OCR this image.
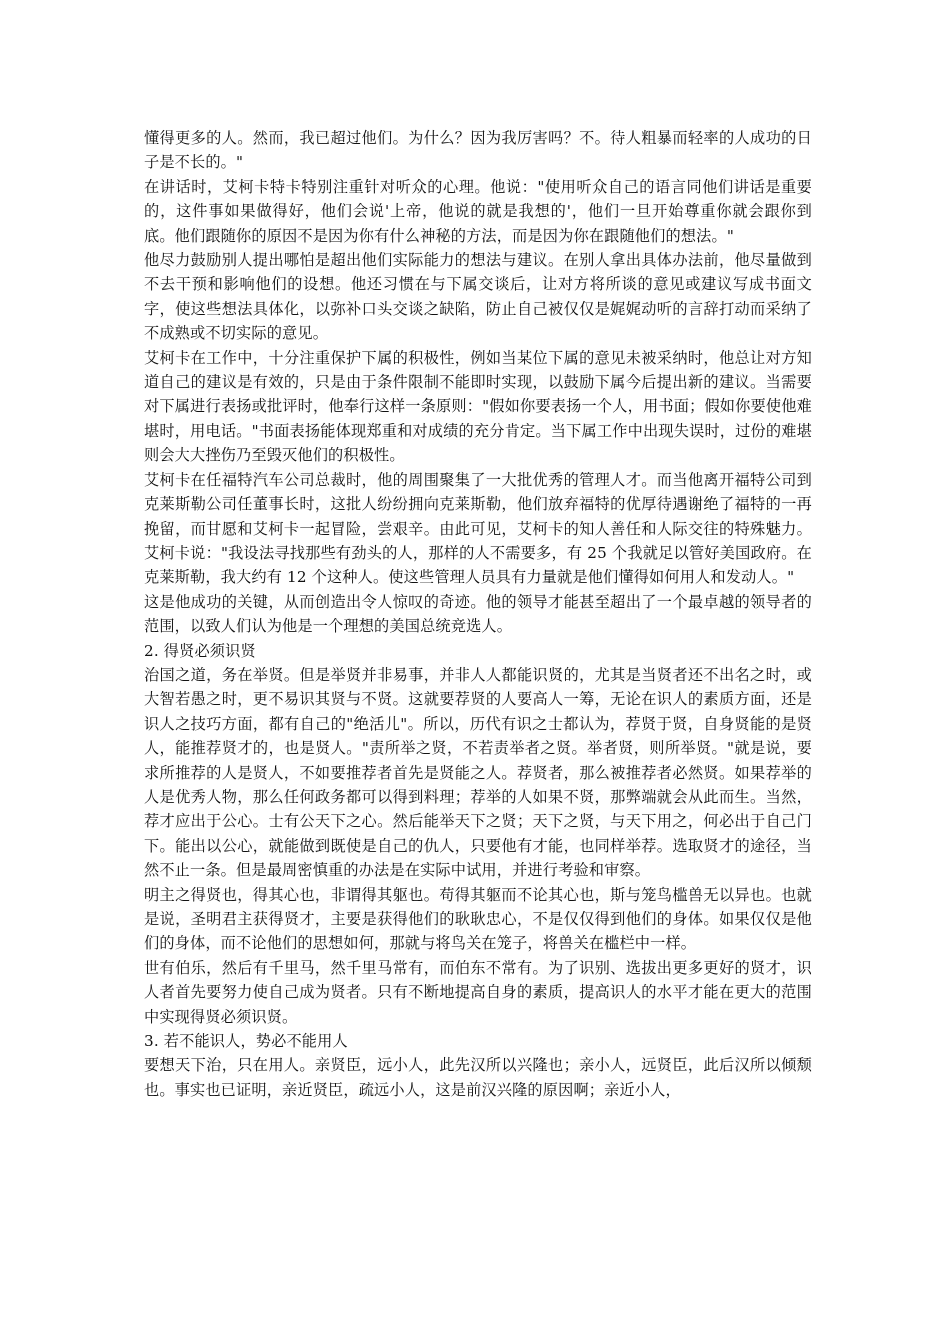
懂得更多的人。然而，我已超过他们。为什么？因为我厉害吗？不。待人粗暴而轻率的人成功的日子是不长的。"

在讲话时，艾柯卡特卡特别注重针对听众的心理。他说："使用听众自己的语言同他们讲话是重要的，这件事如果做得好，他们会说'上帝，他说的就是我想的'，他们一旦开始尊重你就会跟你到底。他们跟随你的原因不是因为你有什么神秘的方法，而是因为你在跟随他们的想法。"

他尽力鼓励别人提出哪怕是超出他们实际能力的想法与建议。在别人拿出具体办法前，他尽量做到不去干预和影响他们的设想。他还习惯在与下属交谈后，让对方将所谈的意见或建议写成书面文字，使这些想法具体化，以弥补口头交谈之缺陷，防止自己被仅仅是娓娓动听的言辞打动而采纳了不成熟或不切实际的意见。

艾柯卡在工作中，十分注重保护下属的积极性，例如当某位下属的意见未被采纳时，他总让对方知道自己的建议是有效的，只是由于条件限制不能即时实现，以鼓励下属今后提出新的建议。当需要对下属进行表扬或批评时，他奉行这样一条原则："假如你要表扬一个人，用书面；假如你要使他难堪时，用电话。"书面表扬能体现郑重和对成绩的充分肯定。当下属工作中出现失误时，过份的难堪则会大大挫伤乃至毁灭他们的积极性。

艾柯卡在任福特汽车公司总裁时，他的周围聚集了一大批优秀的管理人才。而当他离开福特公司到克莱斯勒公司任董事长时，这批人纷纷拥向克莱斯勒，他们放弃福特的优厚待遇谢绝了福特的一再挽留，而甘愿和艾柯卡一起冒险，尝艰辛。由此可见，艾柯卡的知人善任和人际交往的特殊魅力。艾柯卡说："我设法寻找那些有劲头的人，那样的人不需要多，有 25 个我就足以管好美国政府。在克莱斯勒，我大约有 12 个这种人。使这些管理人员具有力量就是他们懂得如何用人和发动人。"

这是他成功的关键，从而创造出令人惊叹的奇迹。他的领导才能甚至超出了一个最卓越的领导者的范围，以致人们认为他是一个理想的美国总统竞选人。

2. 得贤必须识贤

治国之道，务在举贤。但是举贤并非易事，并非人人都能识贤的，尤其是当贤者还不出名之时，或大智若愚之时，更不易识其贤与不贤。这就要荐贤的人要高人一筹，无论在识人的素质方面，还是识人之技巧方面，都有自己的"绝活儿"。所以，历代有识之士都认为，荐贤于贤，自身贤能的是贤人，能推荐贤才的，也是贤人。"责所举之贤，不若责举者之贤。举者贤，则所举贤。"就是说，要求所推荐的人是贤人，不如要推荐者首先是贤能之人。荐贤者，那么被推荐者必然贤。如果荐举的人是优秀人物，那么任何政务都可以得到料理；荐举的人如果不贤，那弊端就会从此而生。当然，荐才应出于公心。士有公天下之心。然后能举天下之贤；天下之贤，与天下用之，何必出于自己门下。能出以公心，就能做到既使是自己的仇人，只要他有才能，也同样举荐。选取贤才的途径，当然不止一条。但是最周密慎重的办法是在实际中试用，并进行考验和审察。

明主之得贤也，得其心也，非谓得其躯也。苟得其躯而不论其心也，斯与笼鸟槛兽无以异也。也就是说，圣明君主获得贤才，主要是获得他们的耿耿忠心，不是仅仅得到他们的身体。如果仅仅是他们的身体，而不论他们的思想如何，那就与将鸟关在笼子，将兽关在槛栏中一样。

世有伯乐，然后有千里马，然千里马常有，而伯东不常有。为了识别、选拔出更多更好的贤才，识人者首先要努力使自己成为贤者。只有不断地提高自身的素质，提高识人的水平才能在更大的范围中实现得贤必须识贤。

3. 若不能识人，势必不能用人

要想天下治，只在用人。亲贤臣，远小人，此先汉所以兴隆也；亲小人，远贤臣，此后汉所以倾颓也。事实也已证明，亲近贤臣，疏远小人，这是前汉兴隆的原因啊；亲近小人，
